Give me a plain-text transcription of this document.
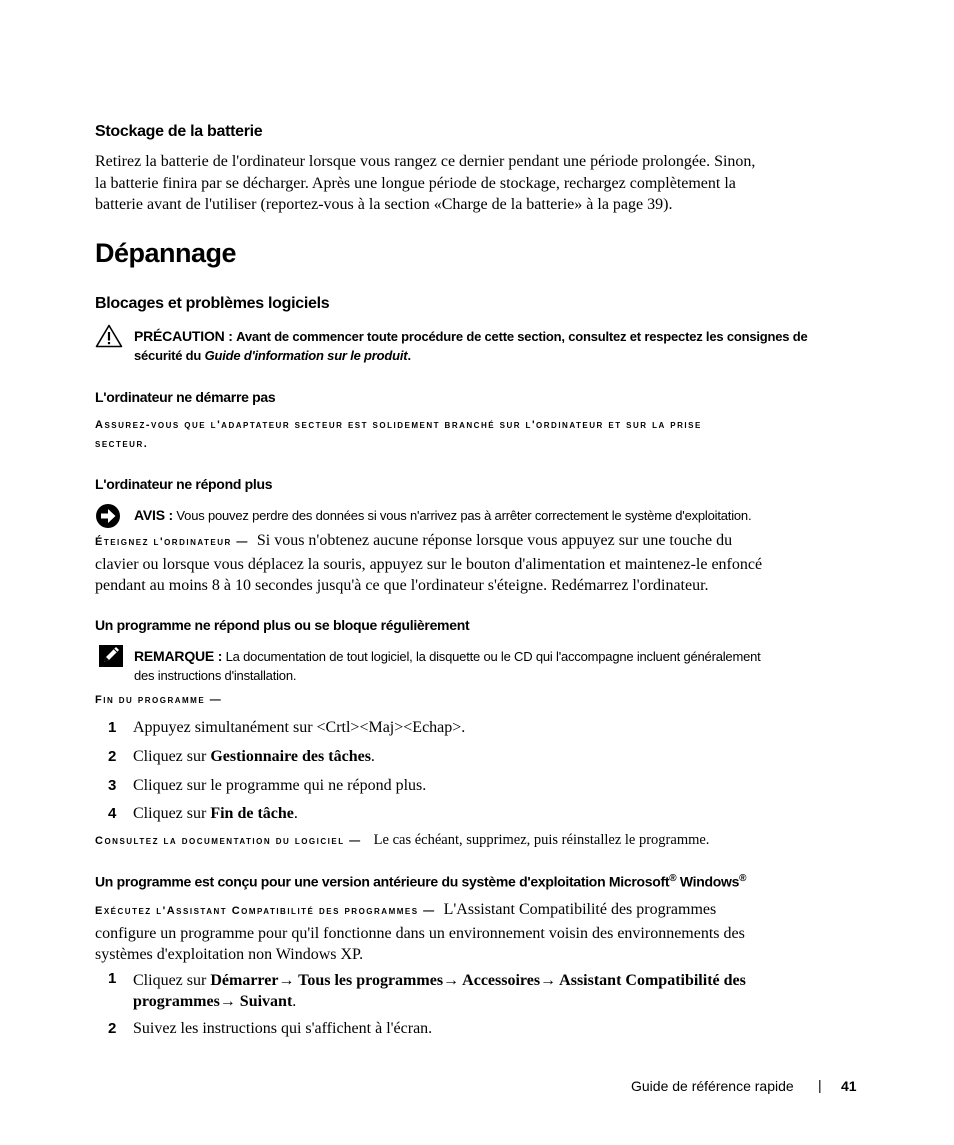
Stockage de la batterie
Retirez la batterie de l'ordinateur lorsque vous rangez ce dernier pendant une période prolongée. Sinon,
la batterie finira par se décharger. Après une longue période de stockage, rechargez complètement la
batterie avant de l'utiliser (reportez-vous à la section «Charge de la batterie» à la page 39).
Dépannage
Blocages et problèmes logiciels
PRÉCAUTION : Avant de commencer toute procédure de cette section, consultez et respectez les consignes de
sécurité du Guide d'information sur le produit.
L'ordinateur ne démarre pas
Assurez-vous que l'adaptateur secteur est solidement branché sur l'ordinateur et sur la prise
secteur.
L'ordinateur ne répond plus
AVIS : Vous pouvez perdre des données si vous n'arrivez pas à arrêter correctement le système d'exploitation.
Éteignez l'ordinateur — Si vous n'obtenez aucune réponse lorsque vous appuyez sur une touche du
clavier ou lorsque vous déplacez la souris, appuyez sur le bouton d'alimentation et maintenez-le enfoncé
pendant au moins 8 à 10 secondes jusqu'à ce que l'ordinateur s'éteigne. Redémarrez l'ordinateur.
Un programme ne répond plus ou se bloque régulièrement
REMARQUE : La documentation de tout logiciel, la disquette ou le CD qui l'accompagne incluent généralement
des instructions d'installation.
Fin du programme —
1 Appuyez simultanément sur <Crtl><Maj><Echap>.
2 Cliquez sur Gestionnaire des tâches.
3 Cliquez sur le programme qui ne répond plus.
4 Cliquez sur Fin de tâche.
Consultez la documentation du logiciel — Le cas échéant, supprimez, puis réinstallez le programme.
Un programme est conçu pour une version antérieure du système d'exploitation Microsoft® Windows®
Exécutez l'Assistant Compatibilité des programmes — L'Assistant Compatibilité des programmes
configure un programme pour qu'il fonctionne dans un environnement voisin des environnements des
systèmes d'exploitation non Windows XP.
1 Cliquez sur Démarrer→ Tous les programmes→ Accessoires→ Assistant Compatibilité des
programmes→ Suivant.
2 Suivez les instructions qui s'affichent à l'écran.
Guide de référence rapide | 41
